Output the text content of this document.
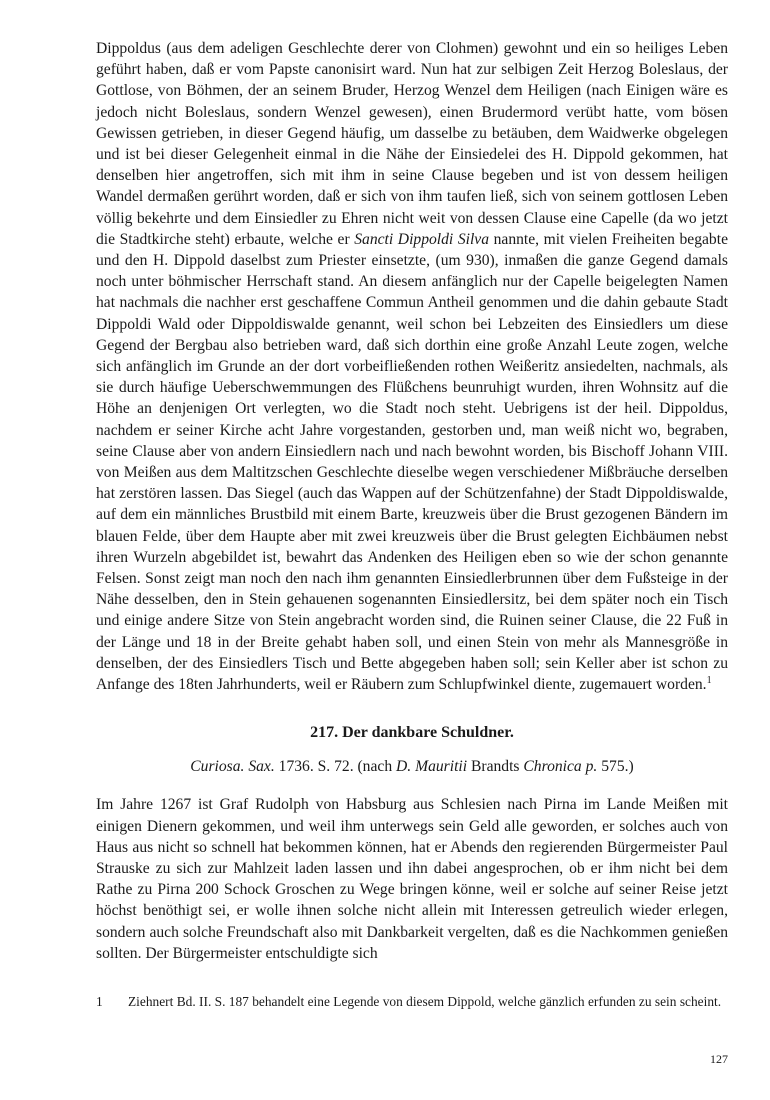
Dippoldus (aus dem adeligen Geschlechte derer von Clohmen) gewohnt und ein so heiliges Leben geführt haben, daß er vom Papste canonisirt ward. Nun hat zur selbigen Zeit Herzog Boleslaus, der Gottlose, von Böhmen, der an seinem Bruder, Herzog Wenzel dem Heiligen (nach Einigen wäre es jedoch nicht Boleslaus, sondern Wenzel gewesen), einen Brudermord verübt hatte, vom bösen Gewissen getrieben, in dieser Gegend häufig, um dasselbe zu betäuben, dem Waidwerke obgelegen und ist bei dieser Gelegenheit einmal in die Nähe der Einsiedelei des H. Dippold gekommen, hat denselben hier angetroffen, sich mit ihm in seine Clause begeben und ist von dessem heiligen Wandel dermaßen gerührt worden, daß er sich von ihm taufen ließ, sich von seinem gottlosen Leben völlig bekehrte und dem Einsiedler zu Ehren nicht weit von dessen Clause eine Capelle (da wo jetzt die Stadtkirche steht) erbaute, welche er Sancti Dippoldi Silva nannte, mit vielen Freiheiten begabte und den H. Dippold daselbst zum Priester einsetzte, (um 930), inmaßen die ganze Gegend damals noch unter böhmischer Herrschaft stand. An diesem anfänglich nur der Capelle beigelegten Namen hat nachmals die nachher erst geschaffene Commun Antheil genommen und die dahin gebaute Stadt Dippoldi Wald oder Dippoldiswalde genannt, weil schon bei Lebzeiten des Einsiedlers um diese Gegend der Bergbau also betrieben ward, daß sich dorthin eine große Anzahl Leute zogen, welche sich anfänglich im Grunde an der dort vorbeifließenden rothen Weißeritz ansiedelten, nachmals, als sie durch häufige Ueberschwemmungen des Flüßchens beunruhigt wurden, ihren Wohnsitz auf die Höhe an denjenigen Ort verlegten, wo die Stadt noch steht. Uebrigens ist der heil. Dippoldus, nachdem er seiner Kirche acht Jahre vorgestanden, gestorben und, man weiß nicht wo, begraben, seine Clause aber von andern Einsiedlern nach und nach bewohnt worden, bis Bischoff Johann VIII. von Meißen aus dem Maltitzschen Geschlechte dieselbe wegen verschiedener Mißbräuche derselben hat zerstören lassen. Das Siegel (auch das Wappen auf der Schützenfahne) der Stadt Dippoldiswalde, auf dem ein männliches Brustbild mit einem Barte, kreuzweis über die Brust gezogenen Bändern im blauen Felde, über dem Haupte aber mit zwei kreuzweis über die Brust gelegten Eichbäumen nebst ihren Wurzeln abgebildet ist, bewahrt das Andenken des Heiligen eben so wie der schon genannte Felsen. Sonst zeigt man noch den nach ihm genannten Einsiedlerbrunnen über dem Fußsteige in der Nähe desselben, den in Stein gehauenen sogenannten Einsiedlersitz, bei dem später noch ein Tisch und einige andere Sitze von Stein angebracht worden sind, die Ruinen seiner Clause, die 22 Fuß in der Länge und 18 in der Breite gehabt haben soll, und einen Stein von mehr als Mannesgröße in denselben, der des Einsiedlers Tisch und Bette abgegeben haben soll; sein Keller aber ist schon zu Anfange des 18ten Jahrhunderts, weil er Räubern zum Schlupfwinkel diente, zugemauert worden.$^1$

217. Der dankbare Schuldner.

Curiosa. Sax. 1736. S. 72. (nach D. Mauritii Brandts Chronica p. 575.)

Im Jahre 1267 ist Graf Rudolph von Habsburg aus Schlesien nach Pirna im Lande Meißen mit einigen Dienern gekommen, und weil ihm unterwegs sein Geld alle geworden, er solches auch von Haus aus nicht so schnell hat bekommen können, hat er Abends den regierenden Bürgermeister Paul Strauske zu sich zur Mahlzeit laden lassen und ihn dabei angesprochen, ob er ihm nicht bei dem Rathe zu Pirna 200 Schock Groschen zu Wege bringen könne, weil er solche auf seiner Reise jetzt höchst benöthigt sei, er wolle ihnen solche nicht allein mit Interessen getreulich wieder erlegen, sondern auch solche Freundschaft also mit Dankbarkeit vergelten, daß es die Nachkommen genießen sollten. Der Bürgermeister entschuldigte sich

1	Ziehnert Bd. II. S. 187 behandelt eine Legende von diesem Dippold, welche gänzlich erfunden zu sein scheint.
127
